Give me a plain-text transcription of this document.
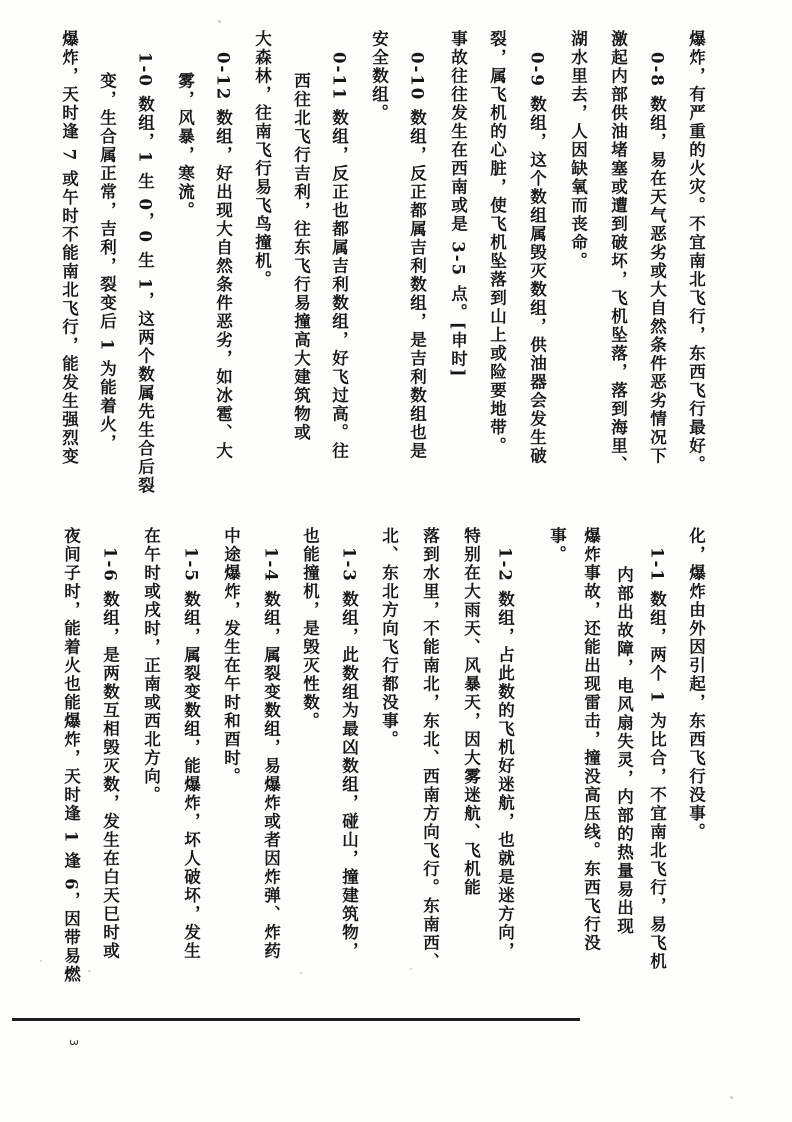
化，爆炸由外因引起，东西飞行没事。
1-1 数组，两个 1 为比合，不宜南北飞行，易飞机
内部出故障，电风扇失灵，内部的热量易出现
爆炸事故，还能出现雷击，撞没高压线。东西飞行没
事。
1-2 数组，占此数的飞机好迷航，也就是迷方向，
特别在大雨天、风暴天，因大雾迷航、飞机能
落到水里，不能南北，东北、西南方向飞行。东南西、
北、东北方向飞行都没事。
1-3 数组，此数组为最凶数组，碰山，撞建筑物，
也能撞机，是毁灭性数。
1-4 数组，属裂变数组，易爆炸或者因炸弹、炸药
中途爆炸，发生在午时和酉时。
1-5 数组，属裂变数组，能爆炸，坏人破坏，发生
在午时或戌时，正南或西北方向。
1-6 数组，是两数互相毁灭数，发生在白天巳时或
夜间子时，能着火也能爆炸，天时逢 1 逢 6，因带易燃
爆炸，有严重的火灾。不宜南北飞行，东西飞行最好。
0-8 数组，易在天气恶劣或大自然条件恶劣情况下
激起内部供油堵塞或遭到破坏，飞机坠落，落到海里、
湖水里去，人因缺氧而丧命。
0-9 数组，这个数组属毁灭数组，供油器会发生破
裂，属飞机的心脏，使飞机坠落到山上或险要地带。
事故往往发生在西南或是 3-5 点。[申时]
0-10 数组，反正都属吉利数组，是吉利数组也是
安全数组。
0-11 数组，反正也都属吉利数组，好飞过高。往
西往北飞行吉利，往东飞行易撞高大建筑物或
大森林，往南飞行易飞鸟撞机。
0-12 数组，好出现大自然条件恶劣，如冰雹、大
雾，风暴，寒流。
1-0 数组，1 生 0，0 生 1，这两个数属先生合后裂
变，生合属正常，吉利，裂变后 1 为能着火，
爆炸，天时逢 7 或午时不能南北飞行，能发生强烈变
3
